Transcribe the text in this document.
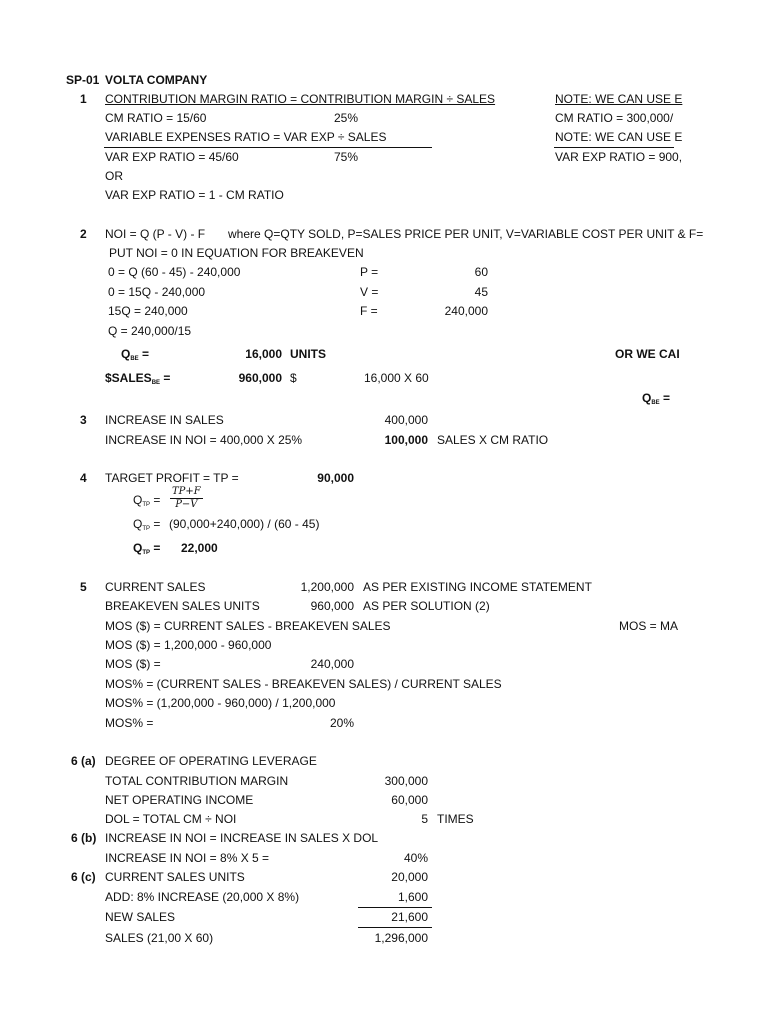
SP-01 VOLTA COMPANY
1 CONTRIBUTION MARGIN RATIO = CONTRIBUTION MARGIN ÷ SALES
CM RATIO = 15/60	25%
VARIABLE EXPENSES RATIO = VAR EXP ÷ SALES
VAR EXP RATIO = 45/60	75%
OR
VAR EXP RATIO = 1 - CM RATIO
NOTE: WE CAN USE E
CM RATIO = 300,000/
NOTE: WE CAN USE E
VAR EXP RATIO = 900,
2 NOI = Q (P - V) - F where Q=QTY SOLD, P=SALES PRICE PER UNIT, V=VARIABLE COST PER UNIT & F=
PUT NOI = 0 IN EQUATION FOR BREAKEVEN
0 = Q (60 - 45) - 240,000
0 = 15Q - 240,000
15Q = 240,000
Q = 240,000/15
P =	60
V =	45
F =	240,000
$Q_{BE}$ =	16,000 UNITS
$\$SALES_{BE}$ =	960,000 $	16,000 X 60
OR WE CAI
$Q_{BE}$ =
3 INCREASE IN SALES	400,000
INCREASE IN NOI = 400,000 X 25%	100,000 SALES X CM RATIO
4 TARGET PROFIT = TP =	90,000
$Q_{TP} = \frac{TP+F}{P-V}$
$Q_{TP} = (90,000+240,000) / (60 - 45)$
$Q_{TP} = 22,000$
5 CURRENT SALES	1,200,000 AS PER EXISTING INCOME STATEMENT
BREAKEVEN SALES UNITS	960,000 AS PER SOLUTION (2)
MOS ($) = CURRENT SALES - BREAKEVEN SALES	MOS = MA
MOS ($) = 1,200,000 - 960,000
MOS ($) =	240,000
MOS% = (CURRENT SALES - BREAKEVEN SALES) / CURRENT SALES
MOS% = (1,200,000 - 960,000) / 1,200,000
MOS% =	20%
6 (a) DEGREE OF OPERATING LEVERAGE
TOTAL CONTRIBUTION MARGIN	300,000
NET OPERATING INCOME	60,000
DOL = TOTAL CM ÷ NOI	5 TIMES
6 (b) INCREASE IN NOI = INCREASE IN SALES X DOL
INCREASE IN NOI = 8% X 5 =	40%
6 (c) CURRENT SALES UNITS	20,000
ADD: 8% INCREASE (20,000 X 8%)	1,600
NEW SALES	21,600
SALES (21,00 X 60)	1,296,000
